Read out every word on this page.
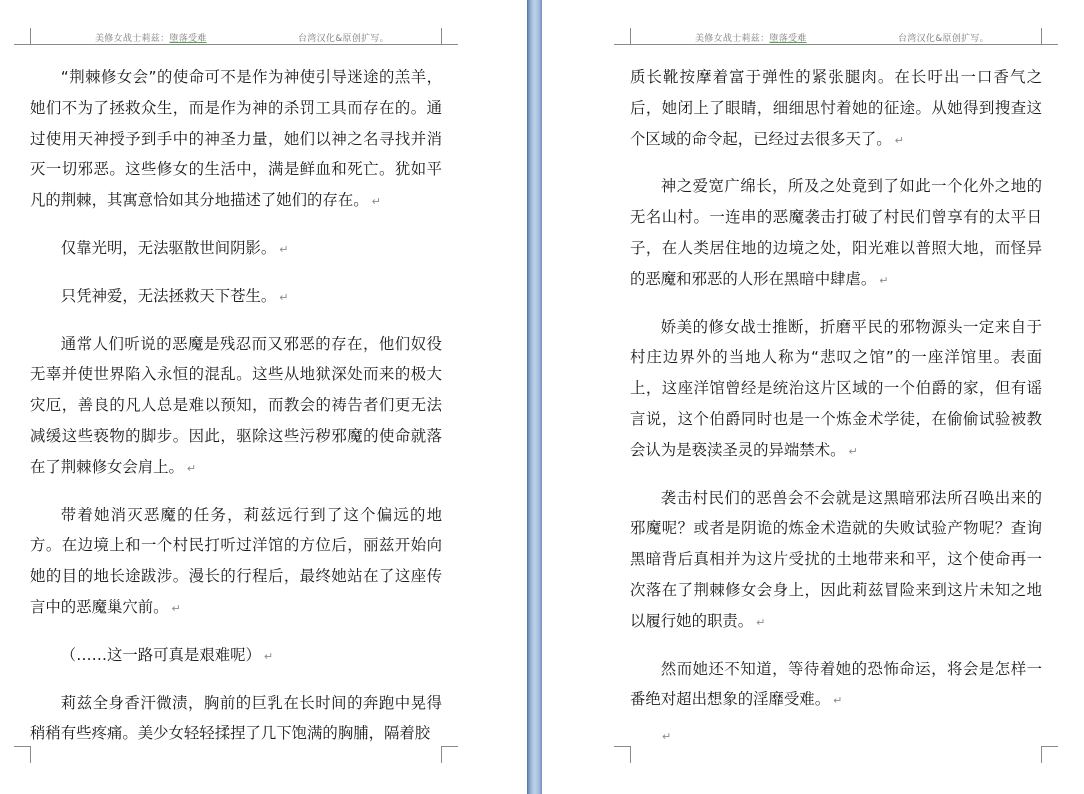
美修女战士莉兹：堕落受难	台湾汉化&原创扩写。

“荆棘修女会”的使命可不是作为神使引导迷途的羔羊，她们不为了拯救众生，而是作为神的杀罚工具而存在的。通过使用天神授予到手中的神圣力量，她们以神之名寻找并消灭一切邪恶。这些修女的生活中，满是鲜血和死亡。犹如平凡的荆棘，其寓意恰如其分地描述了她们的存在。 ↵

仅靠光明，无法驱散世间阴影。 ↵

只凭神爱，无法拯救天下苍生。 ↵

通常人们听说的恶魔是残忍而又邪恶的存在，他们奴役无辜并使世界陷入永恒的混乱。这些从地狱深处而来的极大灾厄，善良的凡人总是难以预知，而教会的祷告者们更无法减缓这些亵物的脚步。因此，驱除这些污秽邪魔的使命就落在了荆棘修女会肩上。 ↵

带着她消灭恶魔的任务，莉兹远行到了这个偏远的地方。在边境上和一个村民打听过洋馆的方位后，丽兹开始向她的目的地长途跋涉。漫长的行程后，最终她站在了这座传言中的恶魔巢穴前。 ↵

（……这一路可真是艰难呢） ↵

莉兹全身香汗微渍，胸前的巨乳在长时间的奔跑中晃得稍稍有些疼痛。美少女轻轻揉捏了几下饱满的胸脯，隔着胶

美修女战士莉兹：堕落受难	台湾汉化&原创扩写。

质长靴按摩着富于弹性的紧张腿肉。在长吁出一口香气之后，她闭上了眼睛，细细思忖着她的征途。从她得到搜查这个区域的命令起，已经过去很多天了。 ↵

神之爱宽广绵长，所及之处竟到了如此一个化外之地的无名山村。一连串的恶魔袭击打破了村民们曾享有的太平日子，在人类居住地的边境之处，阳光难以普照大地，而怪异的恶魔和邪恶的人形在黑暗中肆虐。 ↵

娇美的修女战士推断，折磨平民的邪物源头一定来自于村庄边界外的当地人称为“悲叹之馆”的一座洋馆里。表面上，这座洋馆曾经是统治这片区域的一个伯爵的家，但有谣言说，这个伯爵同时也是一个炼金术学徒，在偷偷试验被教会认为是亵渎圣灵的异端禁术。 ↵

袭击村民们的恶兽会不会就是这黑暗邪法所召唤出来的邪魔呢？或者是阴诡的炼金术造就的失败试验产物呢？查询黑暗背后真相并为这片受扰的土地带来和平，这个使命再一次落在了荆棘修女会身上，因此莉兹冒险来到这片未知之地以履行她的职责。 ↵

然而她还不知道，等待着她的恐怖命运，将会是怎样一番绝对超出想象的淫靡受难。 ↵

↵
